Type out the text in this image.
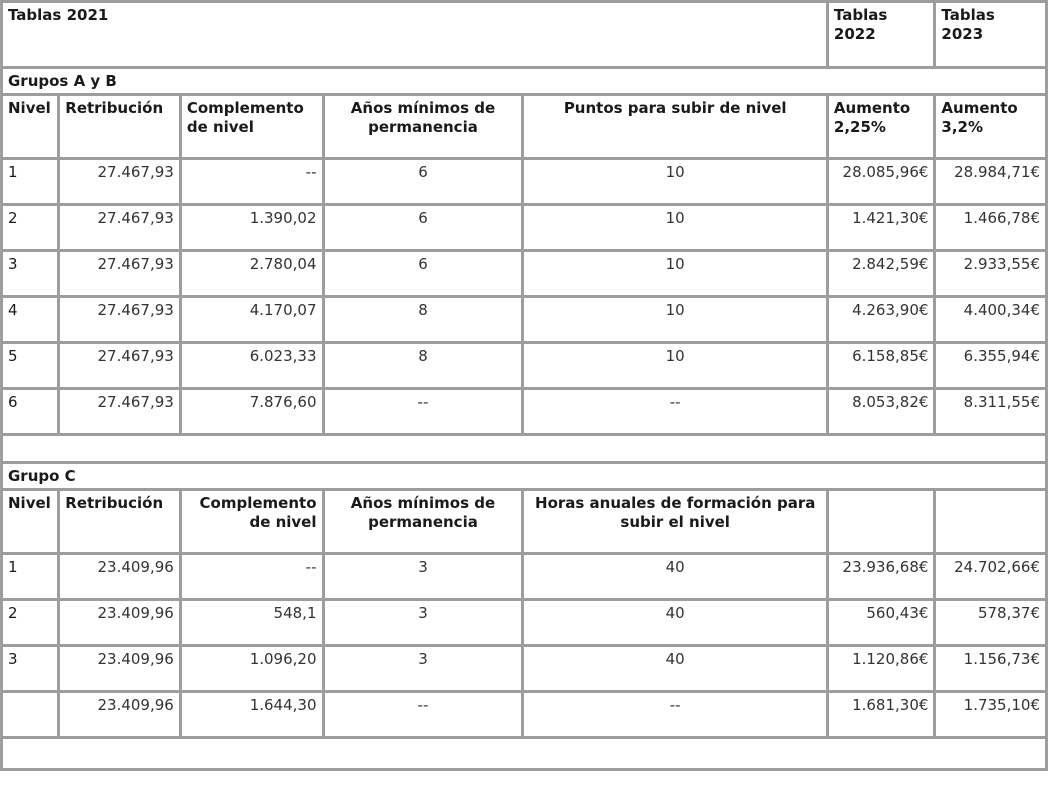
Tablas 2021					Tablas 2022	Tablas 2023
Grupos A y B						
Nivel	Retribución	Complemento de nivel	Años mínimos de permanencia	Puntos para subir de nivel	Aumento 2,25%	Aumento 3,2%
1	27.467,93	--	6	10	28.085,96€	28.984,71€
2	27.467,93	1.390,02	6	10	1.421,30€	1.466,78€
3	27.467,93	2.780,04	6	10	2.842,59€	2.933,55€
4	27.467,93	4.170,07	8	10	4.263,90€	4.400,34€
5	27.467,93	6.023,33	8	10	6.158,85€	6.355,94€
6	27.467,93	7.876,60	--	--	8.053,82€	8.311,55€

Grupo C						
Nivel	Retribución	Complemento de nivel	Años mínimos de permanencia	Horas anuales de formación para subir el nivel		
1	23.409,96	--	3	40	23.936,68€	24.702,66€
2	23.409,96	548,1	3	40	560,43€	578,37€
3	23.409,96	1.096,20	3	40	1.120,86€	1.156,73€
	23.409,96	1.644,30	--	--	1.681,30€	1.735,10€
